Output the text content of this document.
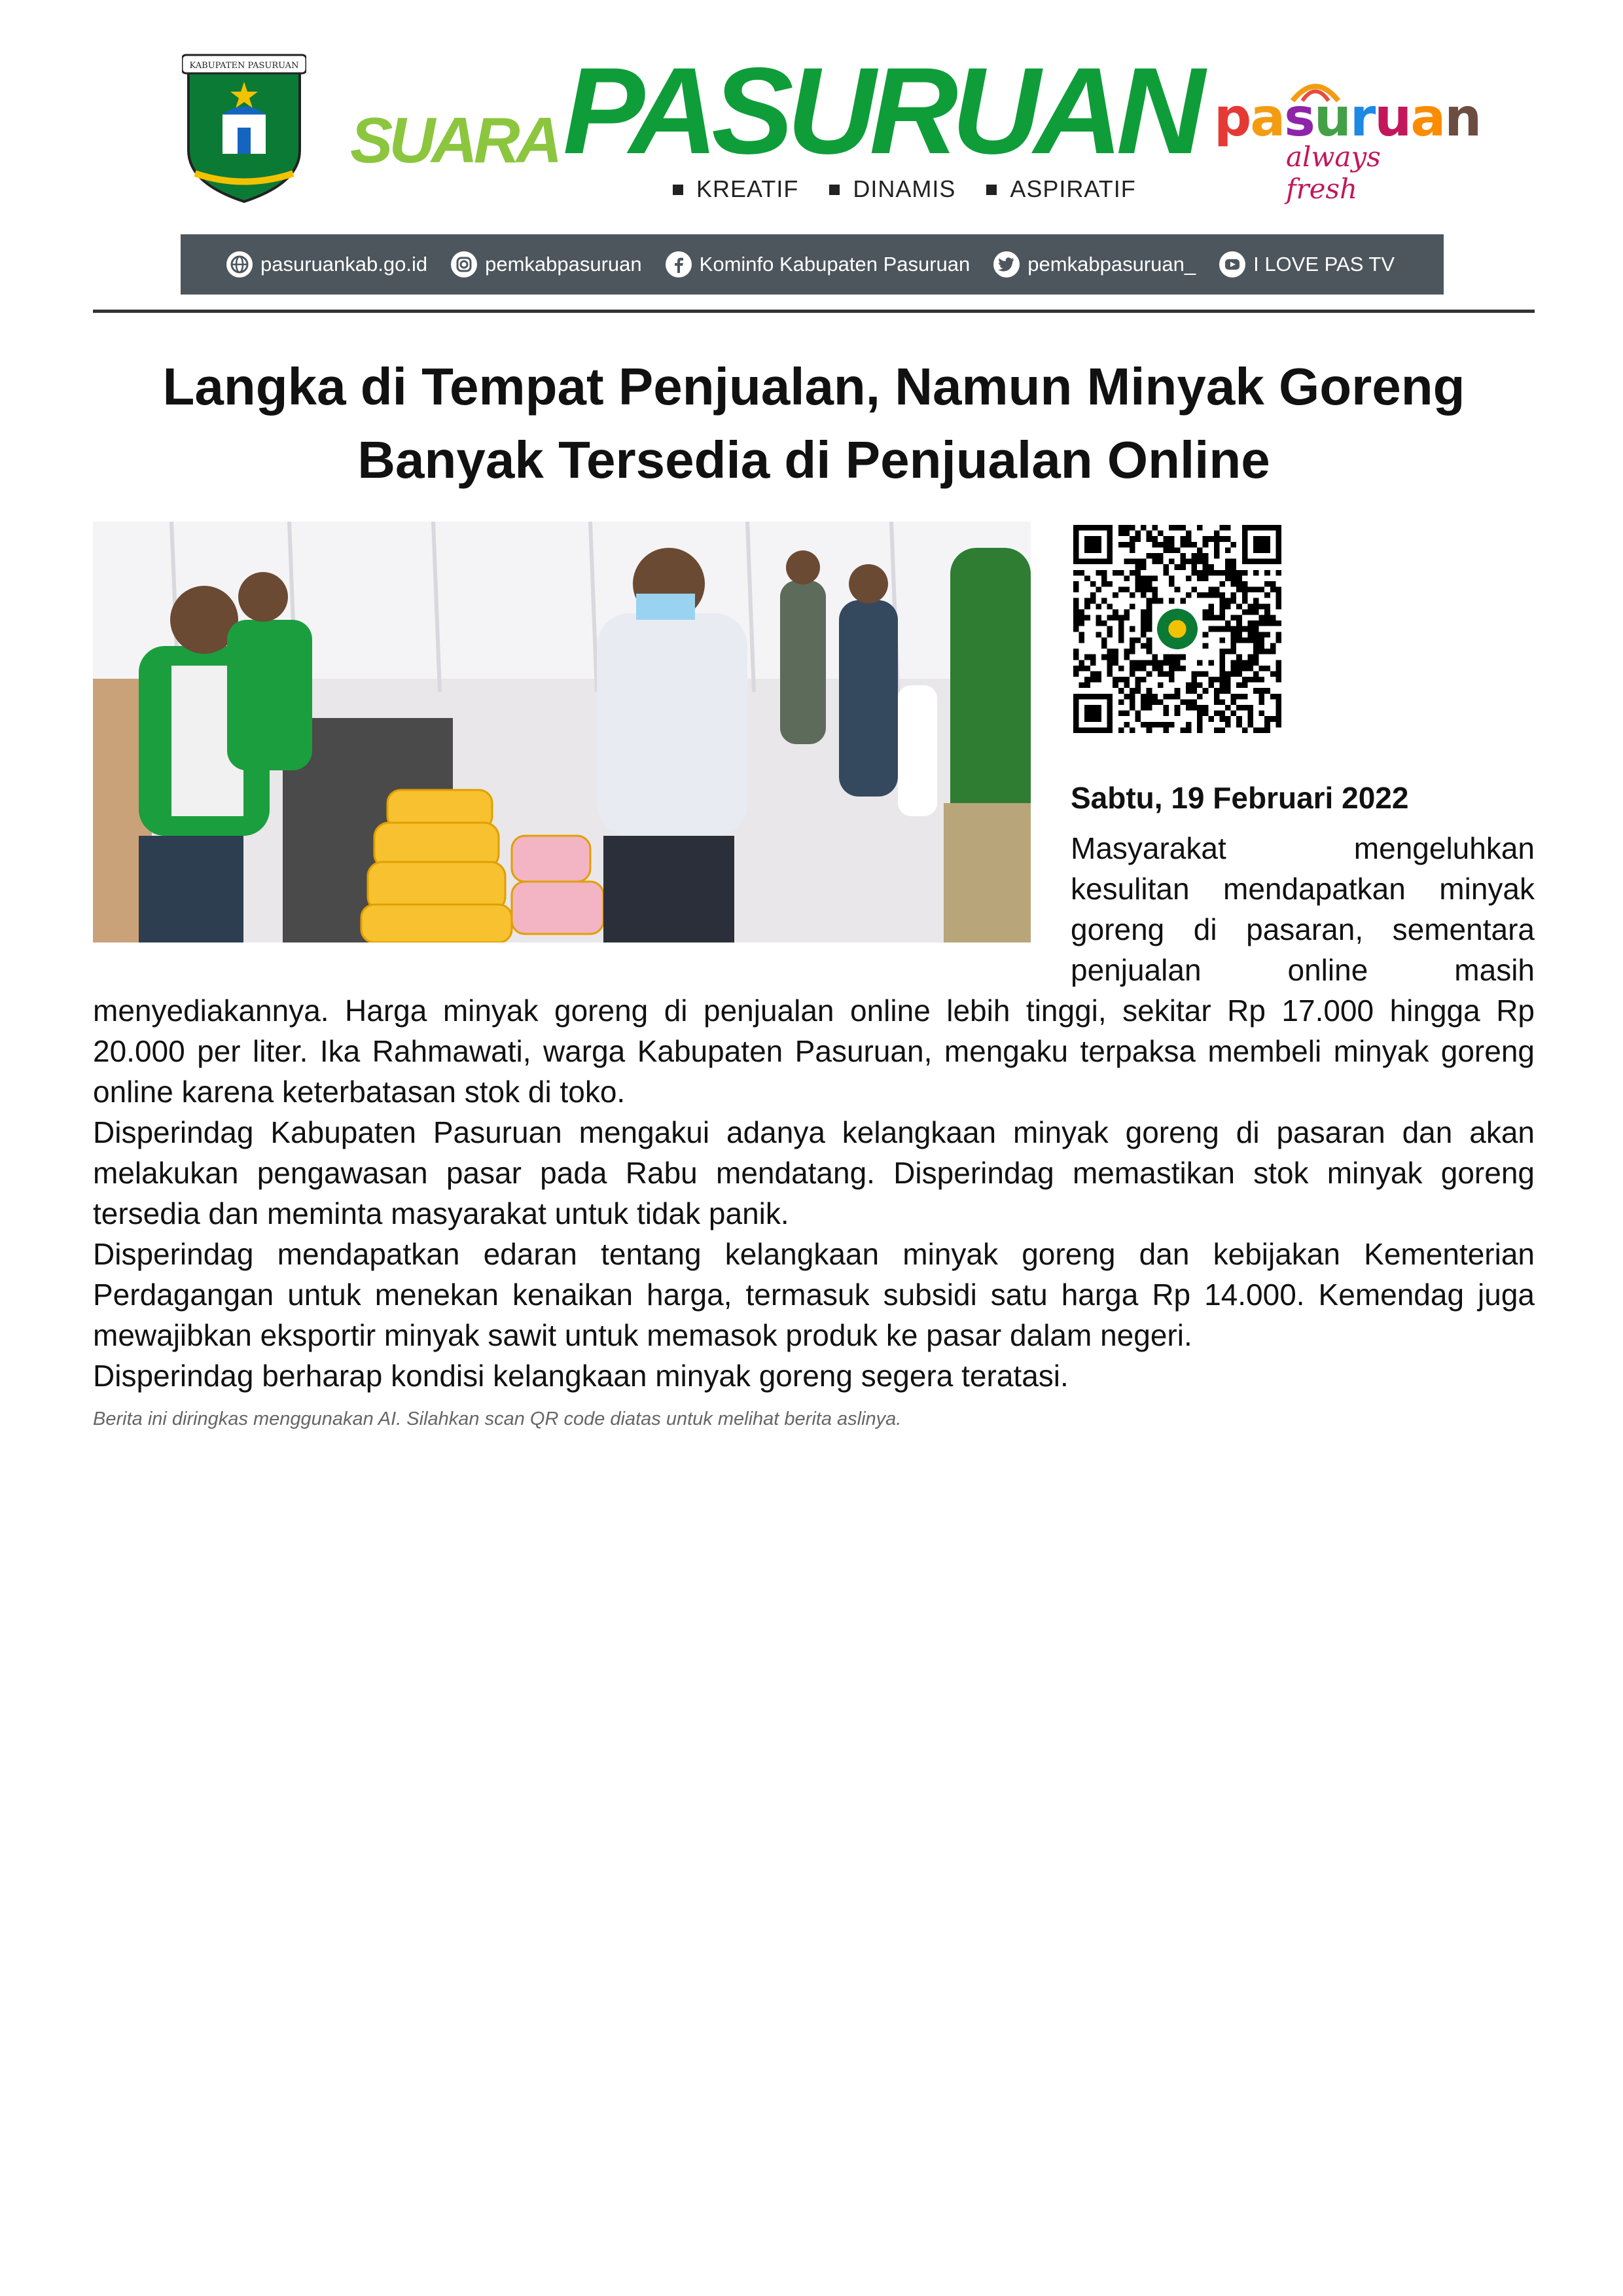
KABUPATEN PASURUAN
SUARA PASURUAN
KREATIF DINAMIS ASPIRATIF
pasuruan
always fresh
pasuruankab.go.id	pemkabpasuruan	Kominfo Kabupaten Pasuruan	pemkabpasuruan_	I LOVE PAS TV
Langka di Tempat Penjualan, Namun Minyak Goreng Banyak Tersedia di Penjualan Online
Sabtu, 19 Februari 2022

Masyarakat mengeluhkan kesulitan mendapatkan minyak goreng di pasaran, sementara penjualan online masih menyediakannya. Harga minyak goreng di penjualan online lebih tinggi, sekitar Rp 17.000 hingga Rp 20.000 per liter. Ika Rahmawati, warga Kabupaten Pasuruan, mengaku terpaksa membeli minyak goreng online karena keterbatasan stok di toko.

Disperindag Kabupaten Pasuruan mengakui adanya kelangkaan minyak goreng di pasaran dan akan melakukan pengawasan pasar pada Rabu mendatang. Disperindag memastikan stok minyak goreng tersedia dan meminta masyarakat untuk tidak panik.

Disperindag mendapatkan edaran tentang kelangkaan minyak goreng dan kebijakan Kementerian Perdagangan untuk menekan kenaikan harga, termasuk subsidi satu harga Rp 14.000. Kemendag juga mewajibkan eksportir minyak sawit untuk memasok produk ke pasar dalam negeri.

Disperindag berharap kondisi kelangkaan minyak goreng segera teratasi.

Berita ini diringkas menggunakan AI. Silahkan scan QR code diatas untuk melihat berita aslinya.
